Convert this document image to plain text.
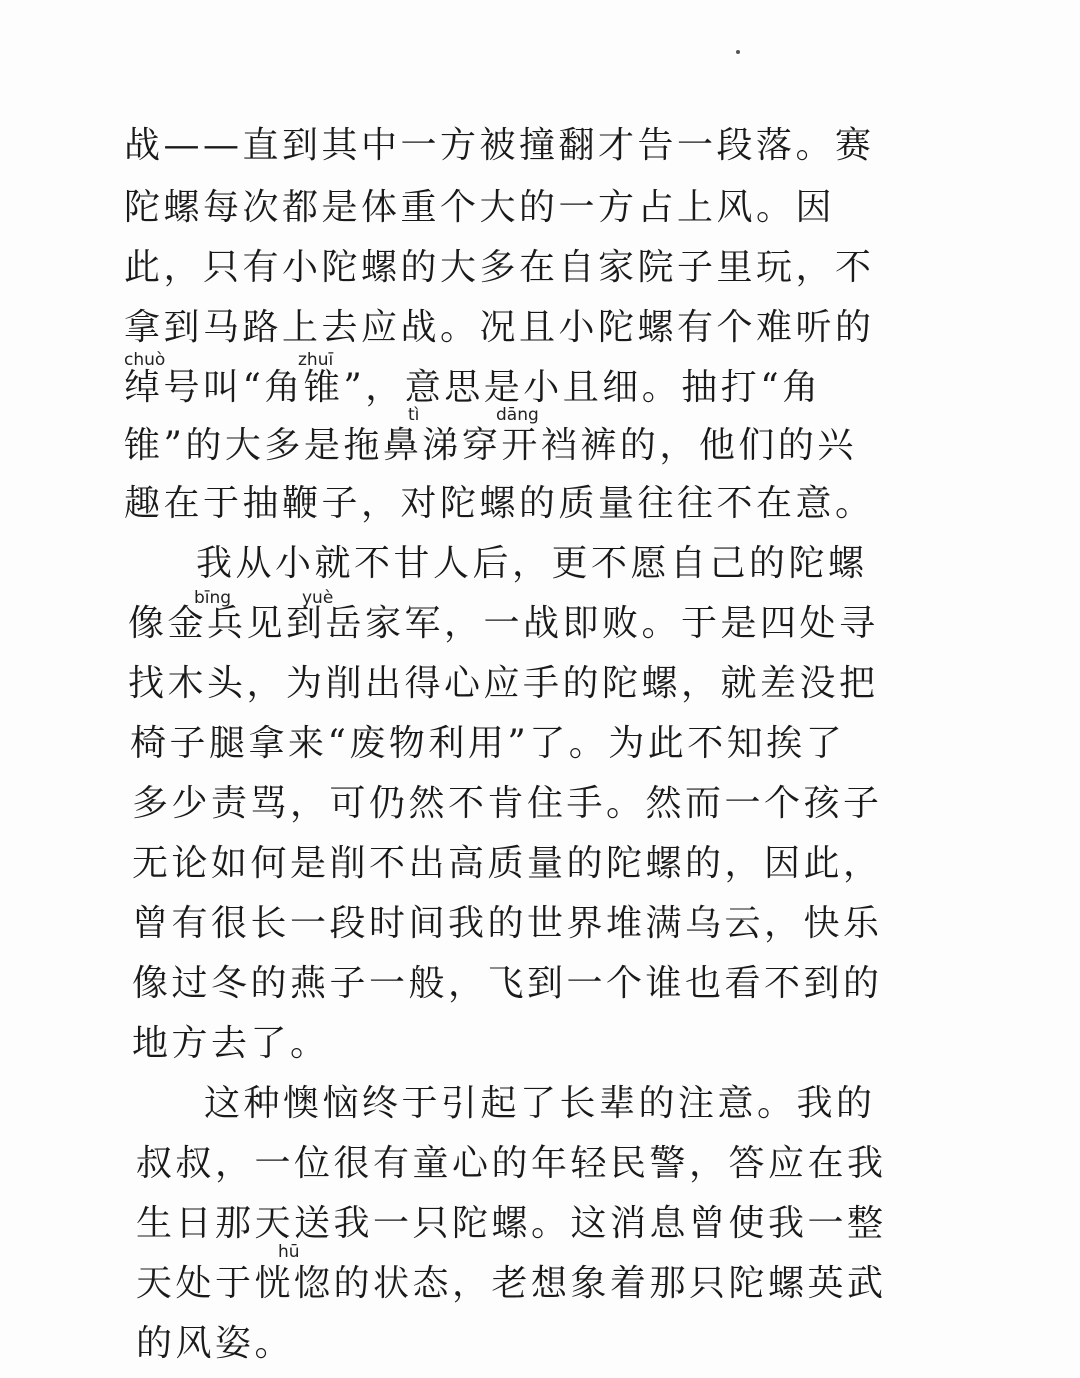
战——直到其中一方被撞翻才告一段落。赛
陀螺每次都是体重个大的一方占上风。因
此，只有小陀螺的大多在自家院子里玩，不
拿到马路上去应战。况且小陀螺有个难听的
chuò	zhuī
绰号叫“角锥”，意思是小且细。抽打“角
tì	dāng
锥”的大多是拖鼻涕穿开裆裤的，他们的兴
趣在于抽鞭子，对陀螺的质量往往不在意。
我从小就不甘人后，更不愿自己的陀螺
bīng	yuè
像金兵见到岳家军，一战即败。于是四处寻
找木头，为削出得心应手的陀螺，就差没把
椅子腿拿来“废物利用”了。为此不知挨了
多少责骂，可仍然不肯住手。然而一个孩子
无论如何是削不出高质量的陀螺的，因此，
曾有很长一段时间我的世界堆满乌云，快乐
像过冬的燕子一般，飞到一个谁也看不到的
地方去了。
这种懊恼终于引起了长辈的注意。我的
叔叔，一位很有童心的年轻民警，答应在我
生日那天送我一只陀螺。这消息曾使我一整
hū
天处于恍惚的状态，老想象着那只陀螺英武
的风姿。
